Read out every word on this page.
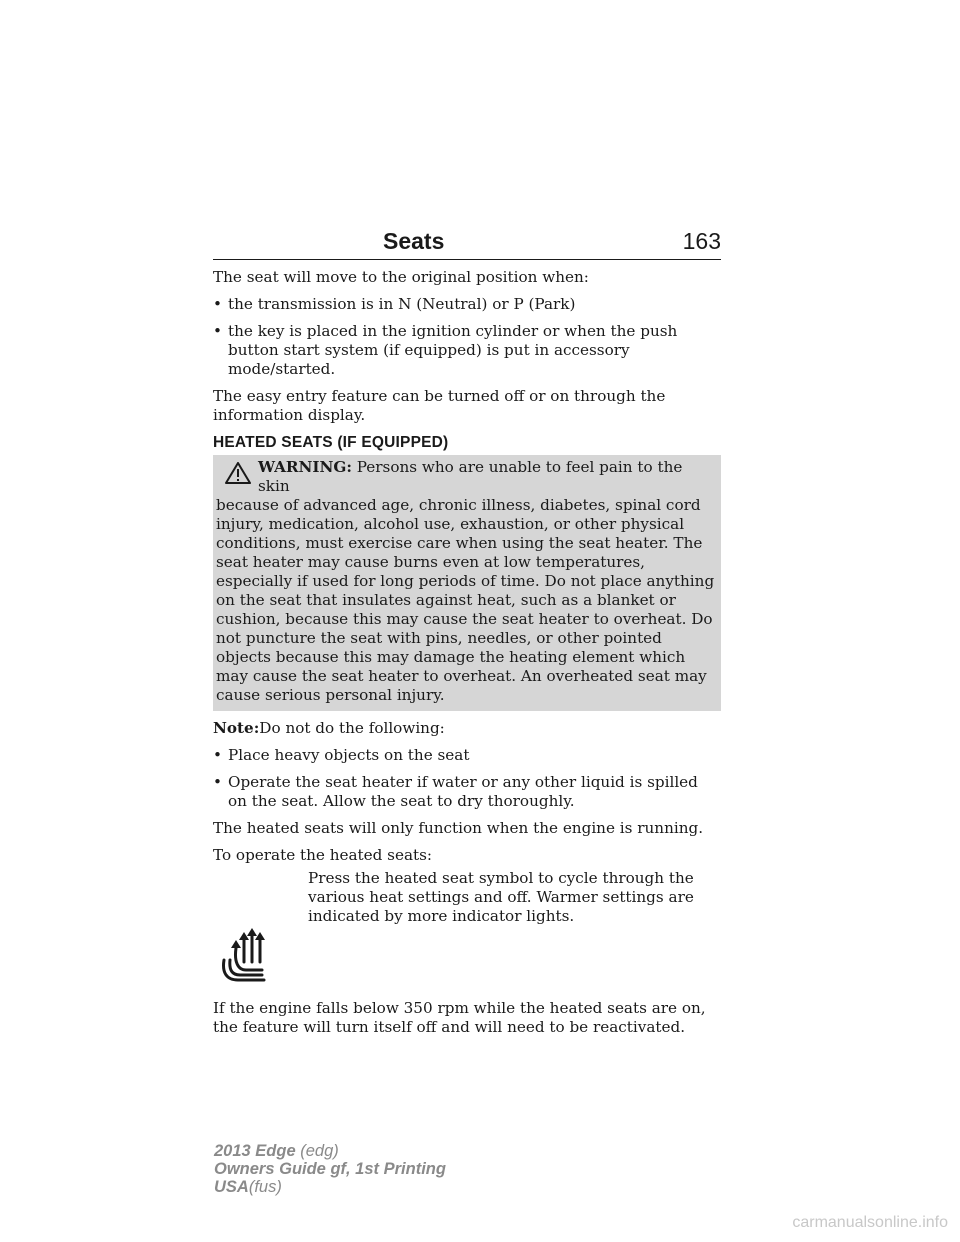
Seats	163

The seat will move to the original position when:

• the transmission is in N (Neutral) or P (Park)
• the key is placed in the ignition cylinder or when the push button start system (if equipped) is put in accessory mode/started.

The easy entry feature can be turned off or on through the information display.

HEATED SEATS (IF EQUIPPED)
WARNING: Persons who are unable to feel pain to the skin
because of advanced age, chronic illness, diabetes, spinal cord injury, medication, alcohol use, exhaustion, or other physical conditions, must exercise care when using the seat heater. The seat heater may cause burns even at low temperatures, especially if used for long periods of time. Do not place anything on the seat that insulates against heat, such as a blanket or cushion, because this may cause the seat heater to overheat. Do not puncture the seat with pins, needles, or other pointed objects because this may damage the heating element which may cause the seat heater to overheat. An overheated seat may cause serious personal injury.

Note:Do not do the following:

• Place heavy objects on the seat
• Operate the seat heater if water or any other liquid is spilled on the seat. Allow the seat to dry thoroughly.

The heated seats will only function when the engine is running.

To operate the heated seats:

Press the heated seat symbol to cycle through the various heat settings and off. Warmer settings are indicated by more indicator lights.

If the engine falls below 350 rpm while the heated seats are on, the feature will turn itself off and will need to be reactivated.

2013 Edge (edg)
Owners Guide gf, 1st Printing
USA(fus)
carmanualsonline.info
